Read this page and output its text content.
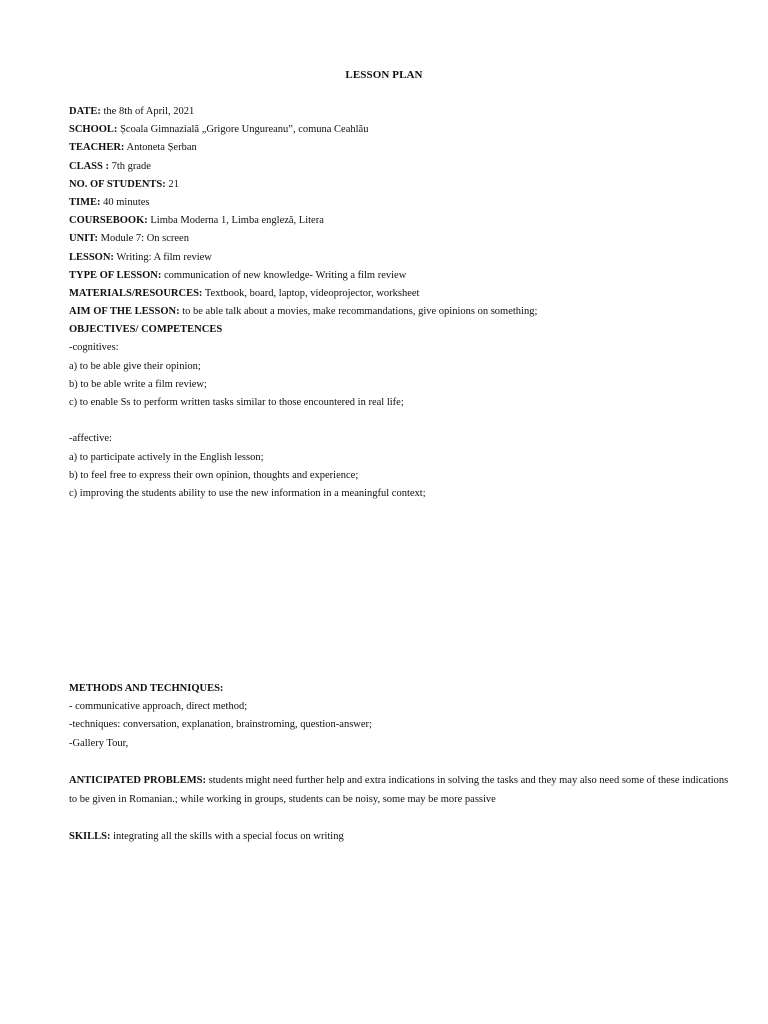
LESSON PLAN
DATE: the 8th of April, 2021
SCHOOL: Școala Gimnazială „Grigore Ungureanu”, comuna Ceahlău
TEACHER: Antoneta Șerban
CLASS : 7th grade
NO. OF STUDENTS: 21
TIME: 40 minutes
COURSEBOOK: Limba Modernа 1, Limba engleză, Litera
UNIT: Module 7: On screen
LESSON: Writing: A film review
TYPE OF LESSON: communication of new knowledge- Writing a film review
MATERIALS/RESOURCES: Textbook, board, laptop, videoprojector, worksheet
AIM OF THE LESSON: to be able talk about a movies, make recommandations, give opinions on something;
OBJECTIVES/ COMPETENCES
-cognitives:
a) to be able give their opinion;
b) to be able write a film review;
c) to enable Ss to perform written tasks similar to those encountered in real life;
-affective:
a) to participate actively in the English lesson;
b) to feel free to express their own opinion, thoughts and experience;
c) improving the students ability to use the new information in a meaningful context;
METHODS AND TECHNIQUES:
- communicative approach, direct method;
-techniques: conversation, explanation, brainstroming, question-answer;
-Gallery Tour,
ANTICIPATED PROBLEMS: students might need further help and extra indications in solving the tasks and they may also need some of these indications to be given in Romanian.; while working in groups, students can be noisy, some may be more passive
SKILLS: integrating all the skills with a special focus on writing
